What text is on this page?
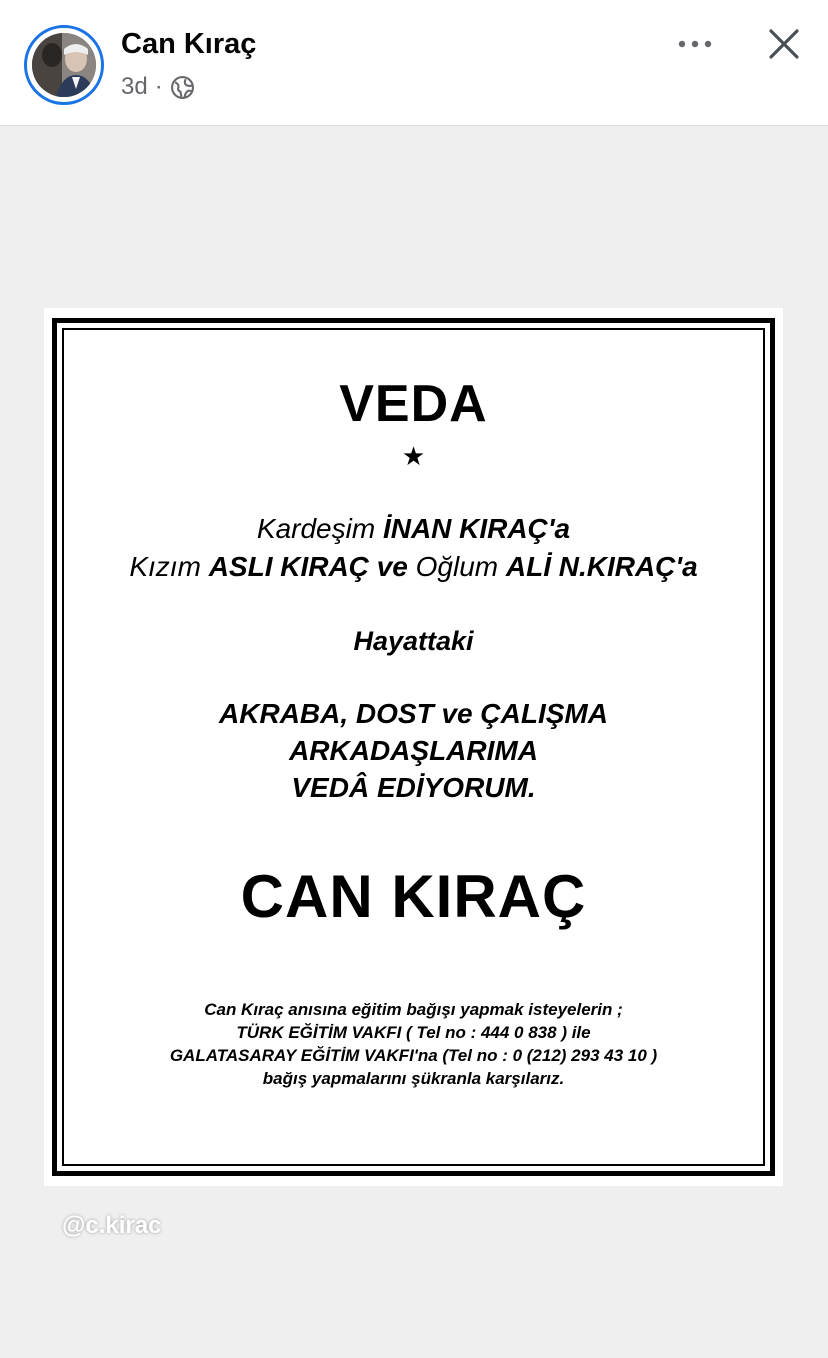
Can Kıraç
3d ·
VEDA
★
Kardeşim İNAN KIRAÇ'a
Kızım ASLI KIRAÇ ve Oğlum ALİ N.KIRAÇ'a
Hayattaki
AKRABA, DOST ve ÇALIŞMA
ARKADAŞLARIMA
VEDÂ EDİYORUM.
CAN KIRAÇ
Can Kıraç anısına eğitim bağışı yapmak isteyelerin ;
TÜRK EĞİTİM VAKFI ( Tel no : 444 0 838 ) ile
GALATASARAY EĞİTİM VAKFI'na (Tel no : 0 (212) 293 43 10 )
bağış yapmalarını şükranla karşılarız.
@c.kirac
